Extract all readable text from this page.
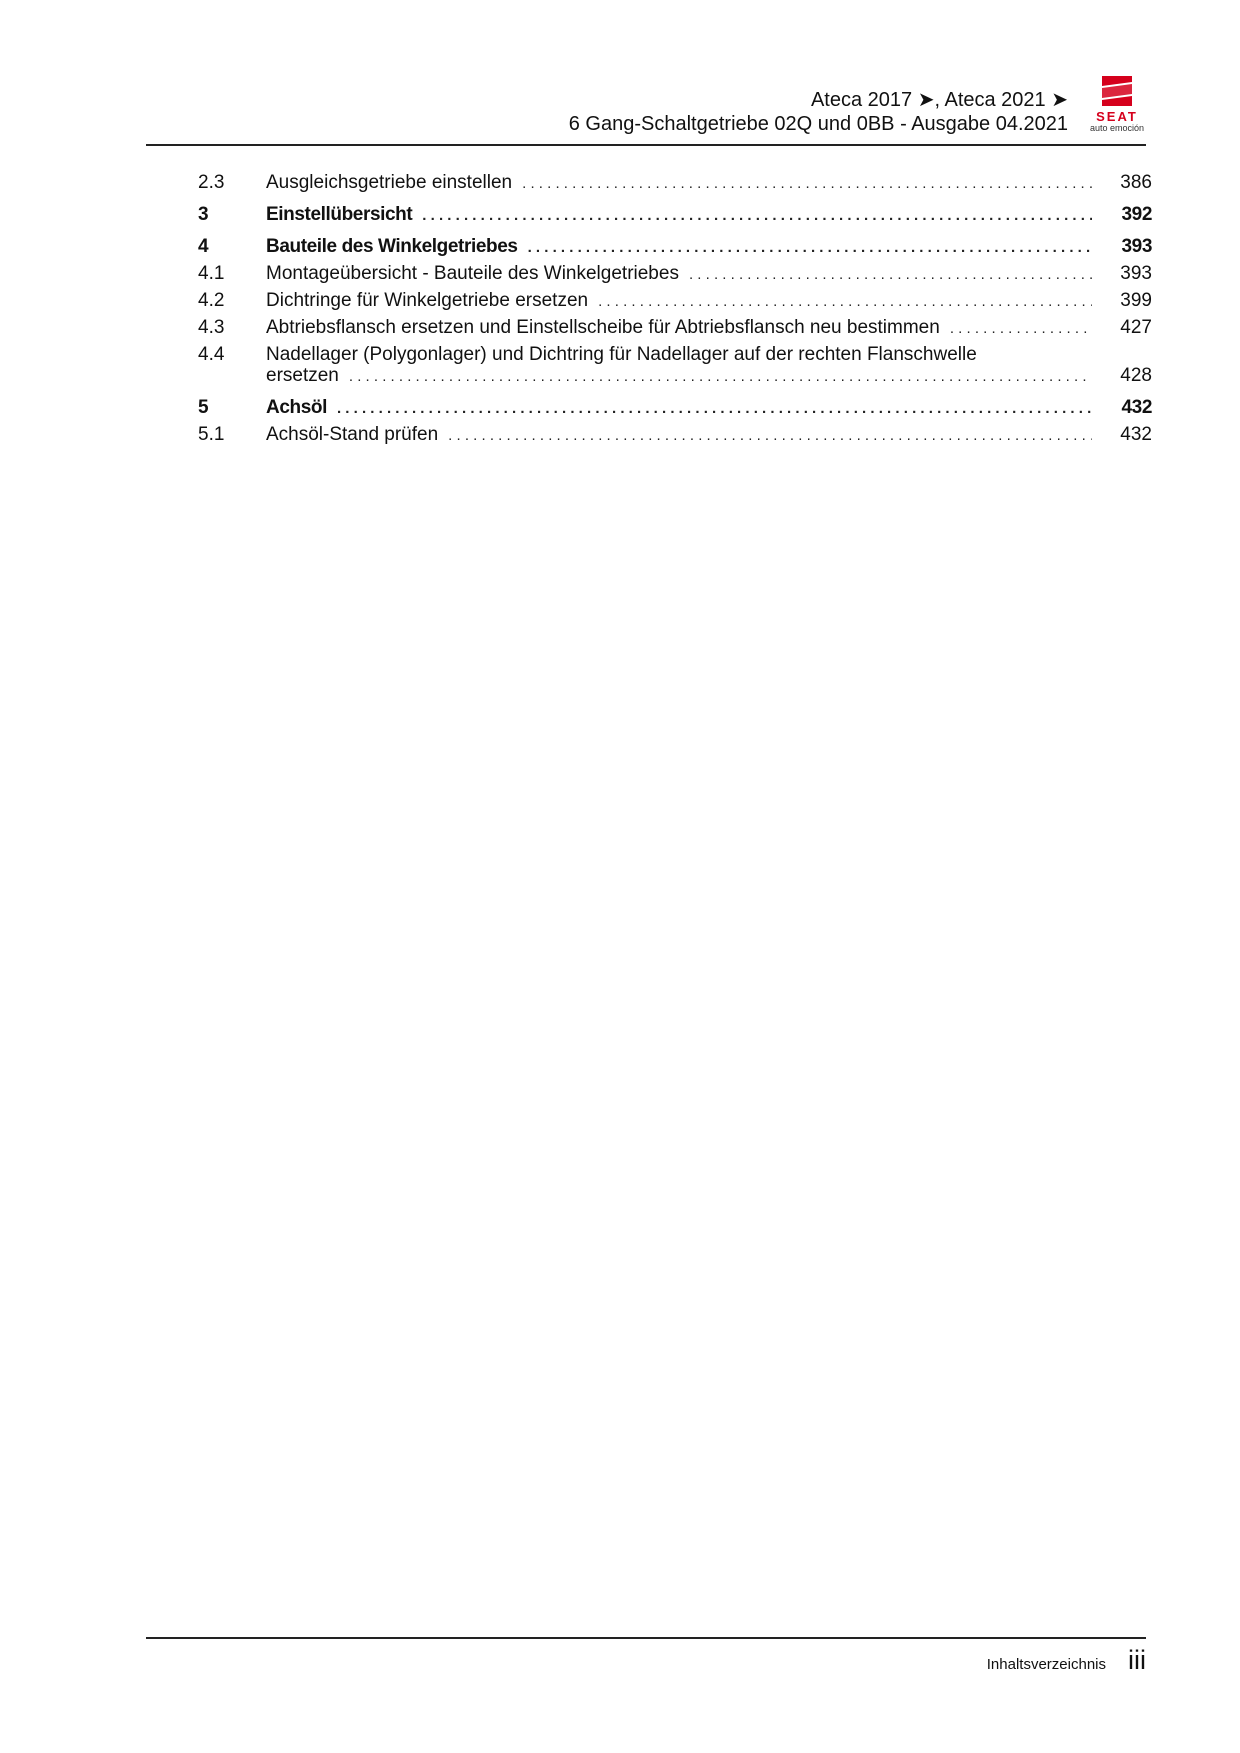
Ateca 2017 ➤, Ateca 2021 ➤
6 Gang-Schaltgetriebe 02Q und 0BB - Ausgabe 04.2021	SEAT
auto emoción
2.3	Ausgleichsgetriebe einstellen . . .	386
3	Einstellübersicht . . .	392
4	Bauteile des Winkelgetriebes . . .	393
4.1	Montageübersicht - Bauteile des Winkelgetriebes . . .	393
4.2	Dichtringe für Winkelgetriebe ersetzen . . .	399
4.3	Abtriebsflansch ersetzen und Einstellscheibe für Abtriebsflansch neu bestimmen . . .	427
4.4	Nadellager (Polygonlager) und Dichtring für Nadellager auf der rechten Flanschwelle
ersetzen . . .	428
5	Achsöl . . .	432
5.1	Achsöl-Stand prüfen . . .	432
Inhaltsverzeichnis iii
